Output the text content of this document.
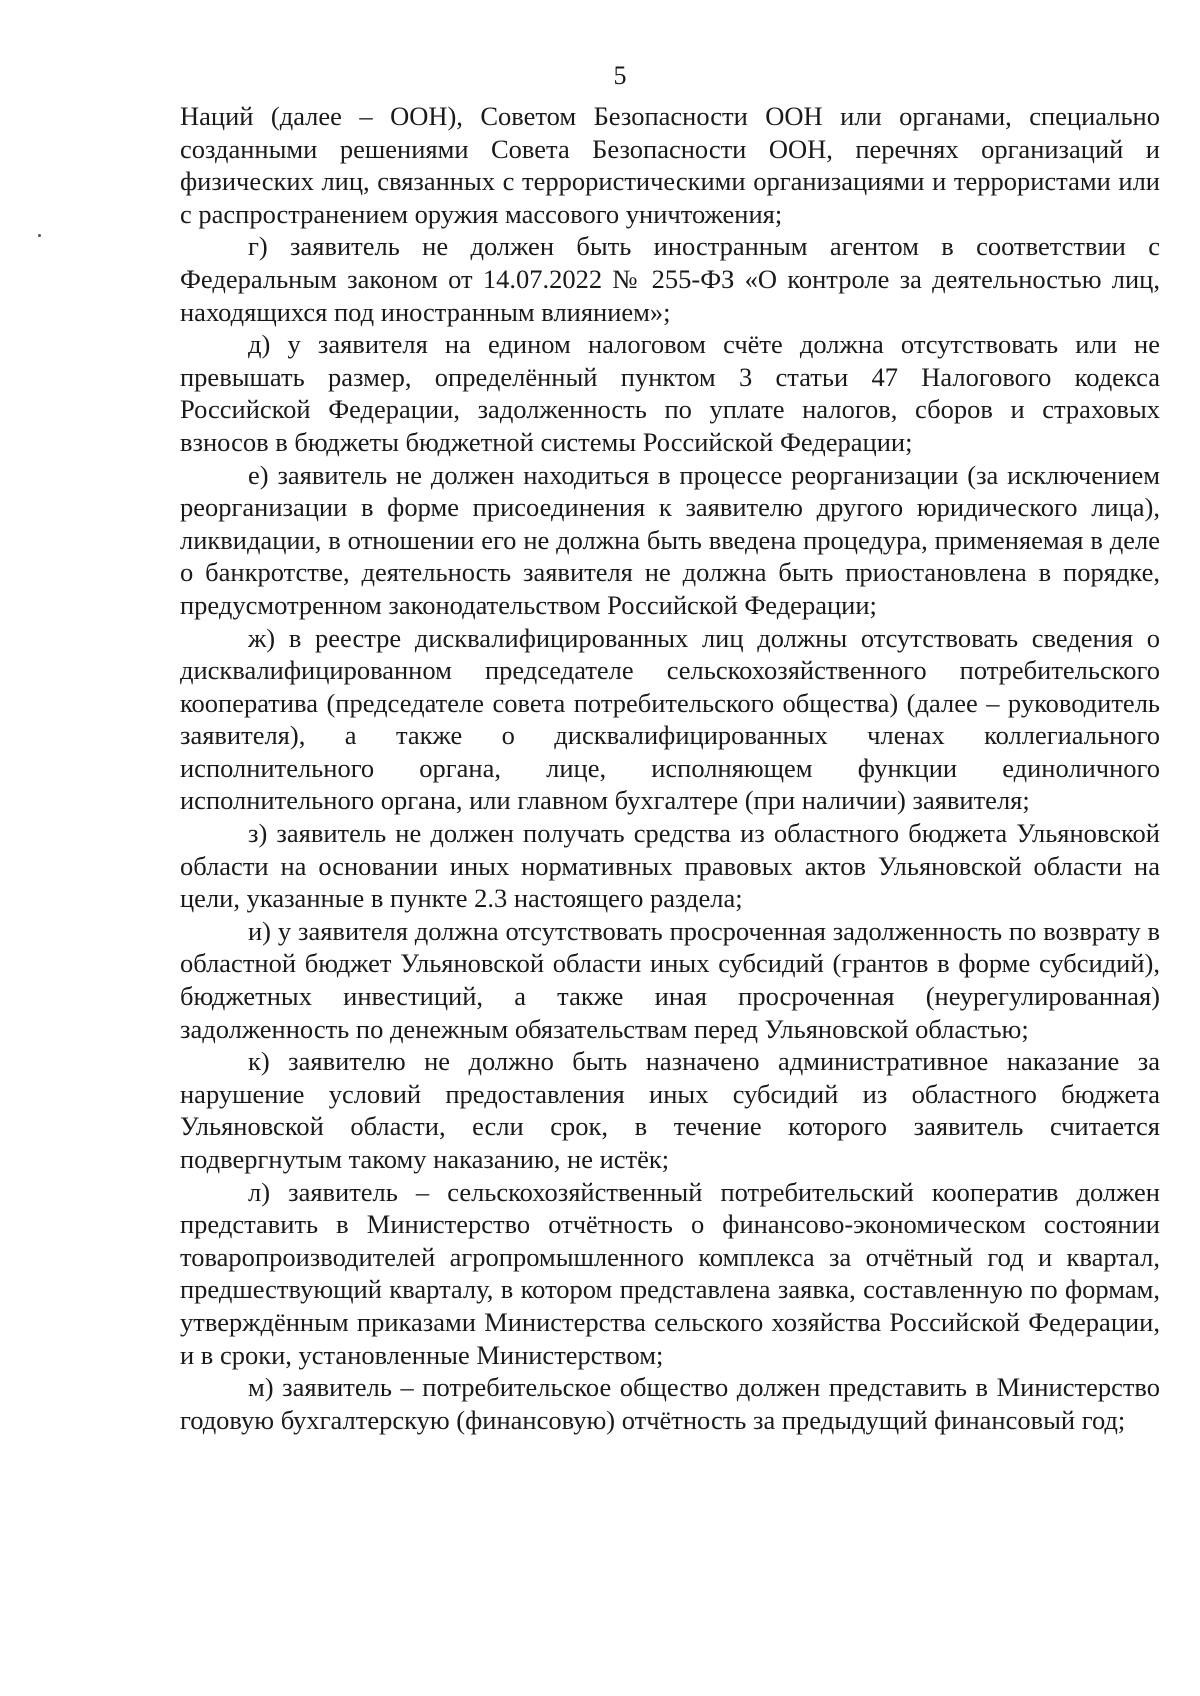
5

Наций (далее – ООН), Советом Безопасности ООН или органами, специально созданными решениями Совета Безопасности ООН, перечнях организаций и физических лиц, связанных с террористическими организациями и террористами или с распространением оружия массового уничтожения;

г) заявитель не должен быть иностранным агентом в соответствии с Федеральным законом от 14.07.2022 № 255-ФЗ «О контроле за деятельностью лиц, находящихся под иностранным влиянием»;

д) у заявителя на едином налоговом счёте должна отсутствовать или не превышать размер, определённый пунктом 3 статьи 47 Налогового кодекса Российской Федерации, задолженность по уплате налогов, сборов и страховых взносов в бюджеты бюджетной системы Российской Федерации;

е) заявитель не должен находиться в процессе реорганизации (за исключением реорганизации в форме присоединения к заявителю другого юридического лица), ликвидации, в отношении его не должна быть введена процедура, применяемая в деле о банкротстве, деятельность заявителя не должна быть приостановлена в порядке, предусмотренном законодательством Российской Федерации;

ж) в реестре дисквалифицированных лиц должны отсутствовать сведения о дисквалифицированном председателе сельскохозяйственного потребительского кооператива (председателе совета потребительского общества) (далее – руководитель заявителя), а также о дисквалифицированных членах коллегиального исполнительного органа, лице, исполняющем функции единоличного исполнительного органа, или главном бухгалтере (при наличии) заявителя;

з) заявитель не должен получать средства из областного бюджета Ульяновской области на основании иных нормативных правовых актов Ульяновской области на цели, указанные в пункте 2.3 настоящего раздела;

и) у заявителя должна отсутствовать просроченная задолженность по возврату в областной бюджет Ульяновской области иных субсидий (грантов в форме субсидий), бюджетных инвестиций, а также иная просроченная (неурегулированная) задолженность по денежным обязательствам перед Ульяновской областью;

к) заявителю не должно быть назначено административное наказание за нарушение условий предоставления иных субсидий из областного бюджета Ульяновской области, если срок, в течение которого заявитель считается подвергнутым такому наказанию, не истёк;

л) заявитель – сельскохозяйственный потребительский кооператив должен представить в Министерство отчётность о финансово-экономическом состоянии товаропроизводителей агропромышленного комплекса за отчётный год и квартал, предшествующий кварталу, в котором представлена заявка, составленную по формам, утверждённым приказами Министерства сельского хозяйства Российской Федерации, и в сроки, установленные Министерством;

м) заявитель – потребительское общество должен представить в Министерство годовую бухгалтерскую (финансовую) отчётность за предыдущий финансовый год;
